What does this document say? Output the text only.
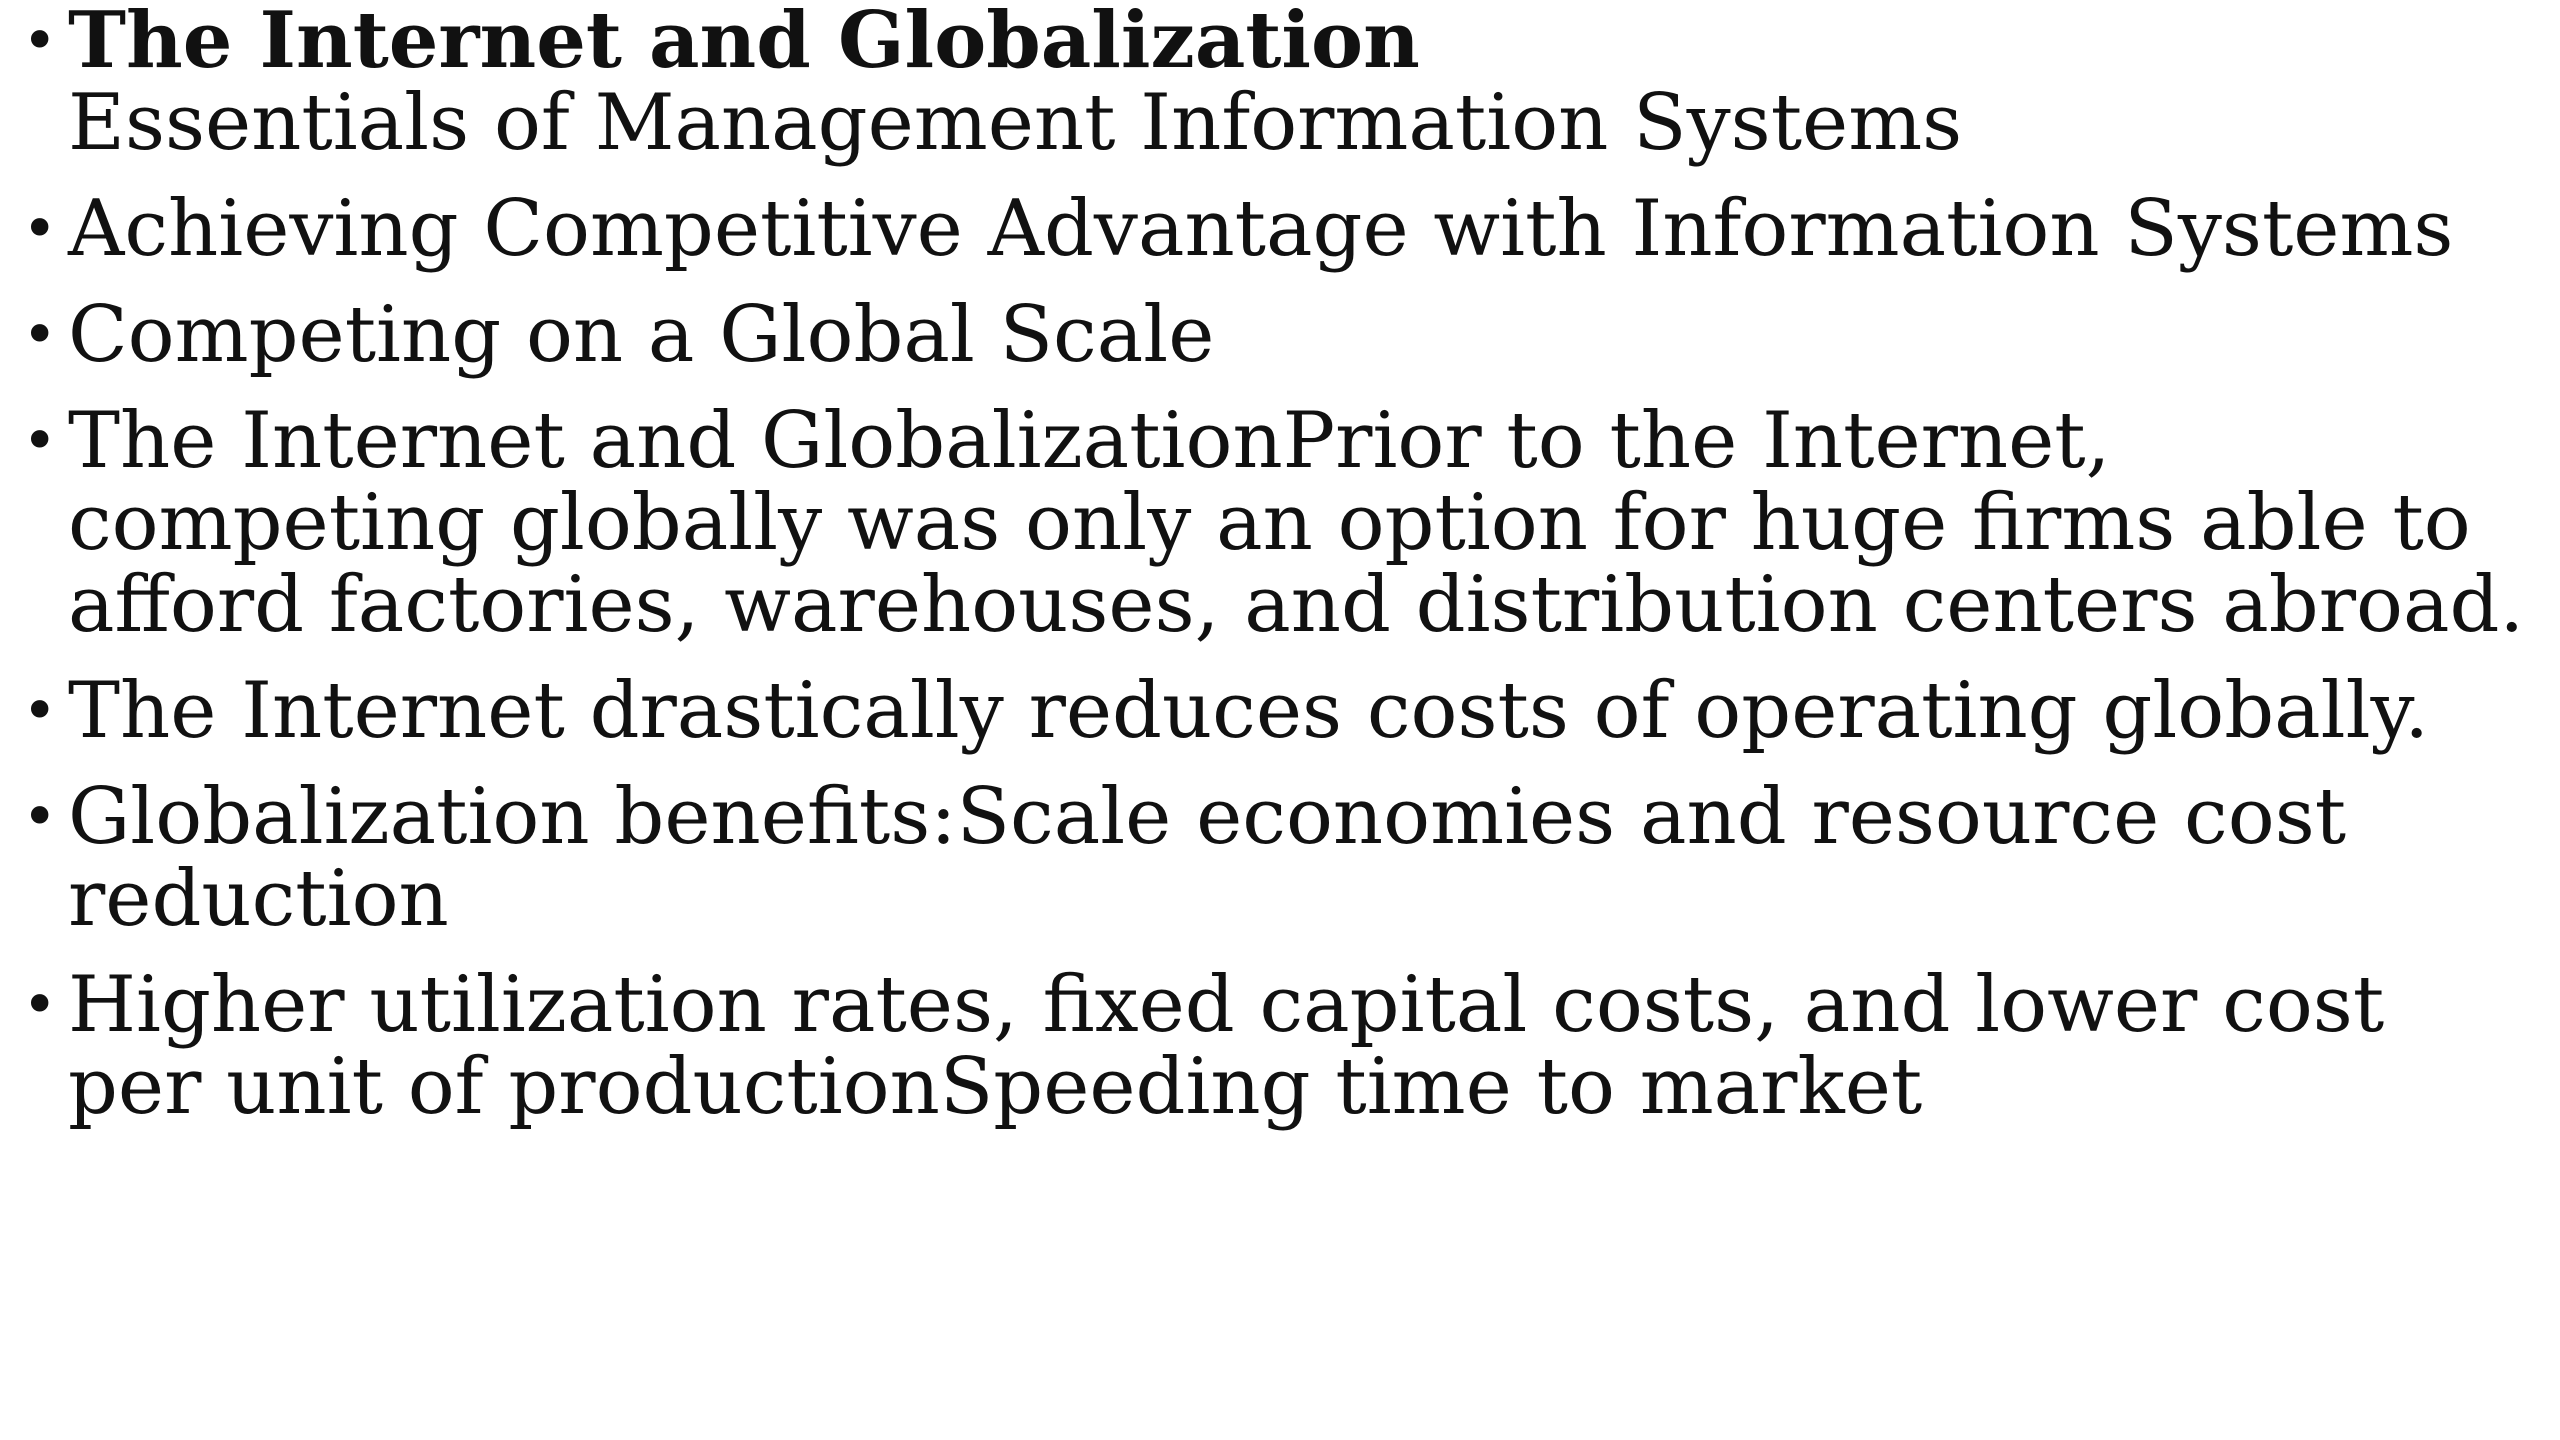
• The Internet and Globalization
Essentials of Management Information Systems
• Achieving Competitive Advantage with Information Systems
• Competing on a Global Scale
• The Internet and GlobalizationPrior to the Internet, competing globally was only an option for huge firms able to afford factories, warehouses, and distribution centers abroad.
• The Internet drastically reduces costs of operating globally.
• Globalization benefits:Scale economies and resource cost reduction
• Higher utilization rates, fixed capital costs, and lower cost per unit of productionSpeeding time to market
